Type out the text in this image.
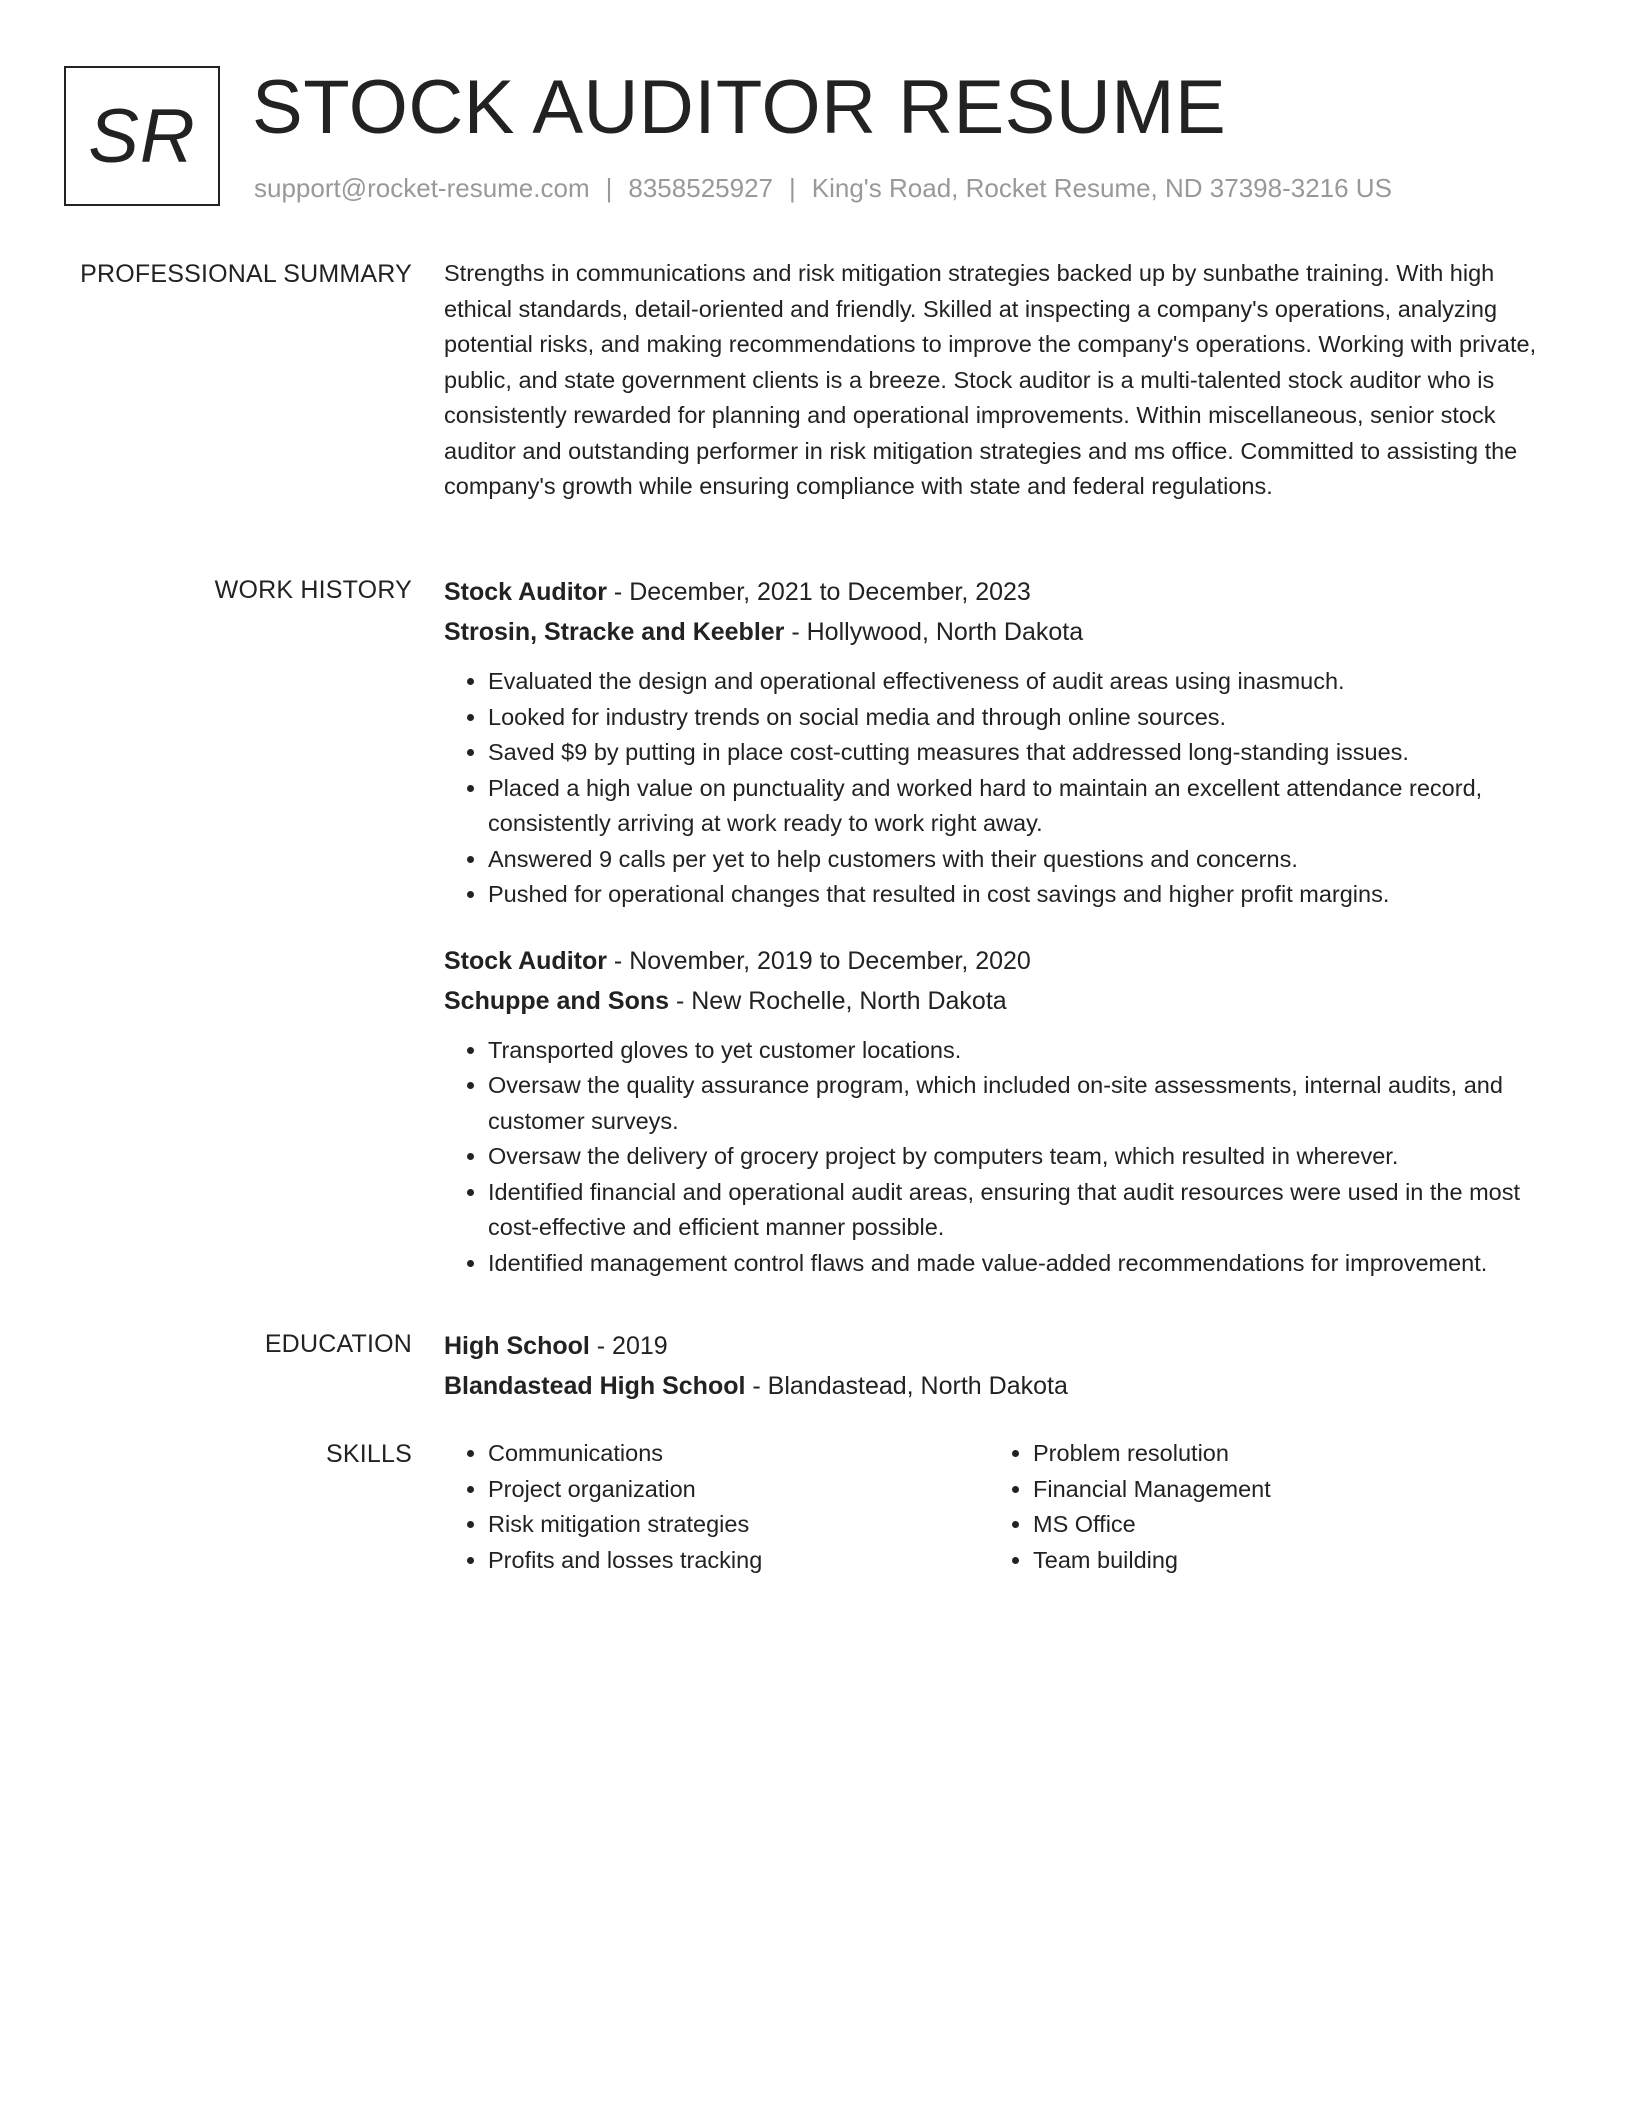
SR STOCK AUDITOR RESUME
support@rocket-resume.com | 8358525927 | King's Road, Rocket Resume, ND 37398-3216 US
PROFESSIONAL SUMMARY Strengths in communications and risk mitigation strategies backed up by sunbathe training. With high ethical standards, detail-oriented and friendly. Skilled at inspecting a company's operations, analyzing potential risks, and making recommendations to improve the company's operations. Working with private, public, and state government clients is a breeze. Stock auditor is a multi-talented stock auditor who is consistently rewarded for planning and operational improvements. Within miscellaneous, senior stock auditor and outstanding performer in risk mitigation strategies and ms office. Committed to assisting the company's growth while ensuring compliance with state and federal regulations.

WORK HISTORY Stock Auditor - December, 2021 to December, 2023
Strosin, Stracke and Keebler - Hollywood, North Dakota
• Evaluated the design and operational effectiveness of audit areas using inasmuch.
• Looked for industry trends on social media and through online sources.
• Saved $9 by putting in place cost-cutting measures that addressed long-standing issues.
• Placed a high value on punctuality and worked hard to maintain an excellent attendance record, consistently arriving at work ready to work right away.
• Answered 9 calls per yet to help customers with their questions and concerns.
• Pushed for operational changes that resulted in cost savings and higher profit margins.
Stock Auditor - November, 2019 to December, 2020
Schuppe and Sons - New Rochelle, North Dakota
• Transported gloves to yet customer locations.
• Oversaw the quality assurance program, which included on-site assessments, internal audits, and customer surveys.
• Oversaw the delivery of grocery project by computers team, which resulted in wherever.
• Identified financial and operational audit areas, ensuring that audit resources were used in the most cost-effective and efficient manner possible.
• Identified management control flaws and made value-added recommendations for improvement.
EDUCATION High School - 2019
Blandastead High School - Blandastead, North Dakota
SKILLS
•	Communications
• Project organization
• Risk mitigation strategies
• Profits and losses tracking
• Problem resolution
• Financial Management
• MS Office
• Team building
